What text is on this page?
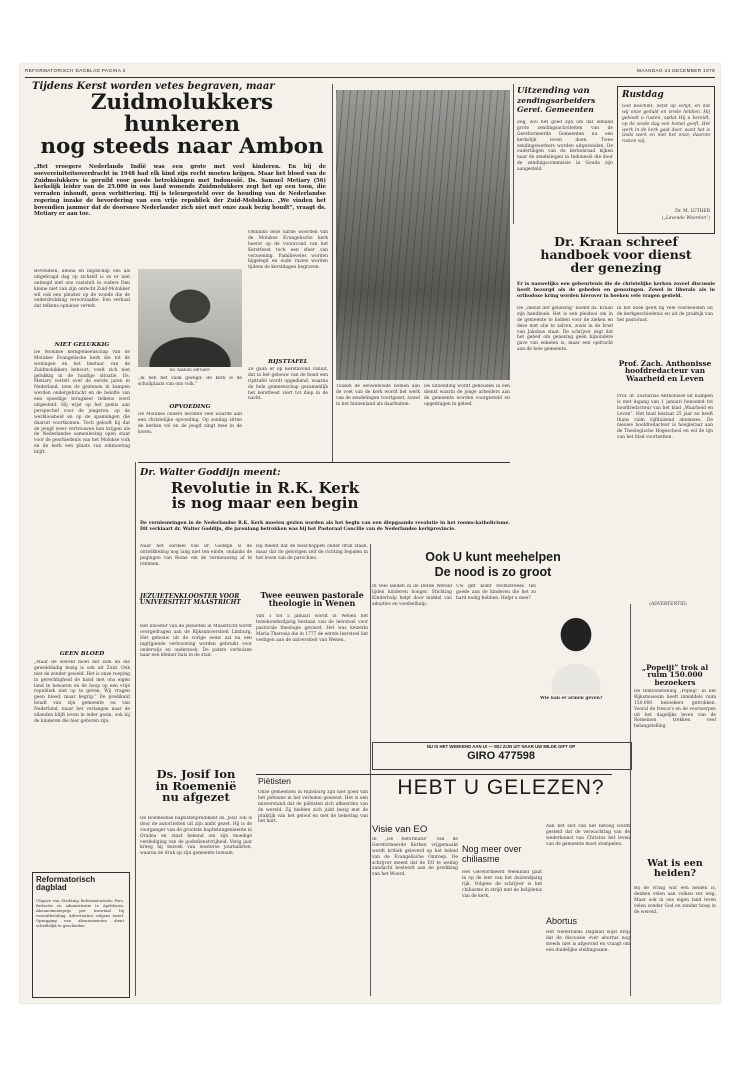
REFORMATORISCH DAGBLAD PAGINA 2	MAANDAG 24 DECEMBER 1979
Tijdens Kerst worden vetes begraven, maar
Zuidmolukkers hunkeren
nog steeds naar Ambon
„Het vroegere Nederlands Indië was een grote met veel kinderen. En bij de soevereiniteitsoverdracht in 1948 had elk kind zijn recht moeten krijgen. Maar het bloed van de Zuidmolukkers is geruild voor goede betrekkingen met Indonesië. Ds. Samuel Metiary (56) kerkelijk leider van de 25.000 in ons land wonende Zuidmolukkers zegt het op een toon, die verraden inhoudt, geen verbittering. Hij is teleurgesteld over de houding van de Nederlandse regering inzake de bevordering van een vrije republiek der Zuid-Molukken. „We vinden het bovendien jammer dat de doorsnee Nederlander zich niet met onze zaak bezig houdt”, vraagt ds. Metiary er aan toe.
Bovendien, kenna en blijdschap ons als uitgebragd dag op zichzelf is zo er niet ontnegd met ons vaststelt in ouders Den kleine niet van zijn onrecht Zuid-Molukker wil ook een pleister op de wonde die de onderdrukking veroorzaakte. Een verhaal dat telkens opnieuw vertelt.
NIET GELUKKIG
De Molukse kerkgemeenschap van de Molukse Evangelische kerk die tot de woningen en het bestuur van de Zuidmolukkers behoort, voelt zich niet gelukkig in de huidige situatie. Ds. Metiary vertelt over de eerste jaren in Nederland, toen de gezinnen in kampen werden ondergebracht en de belofte van een spoedige terugkeer telkens werd uitgesteld. Hij wijst op het gemis aan perspectief voor de jongeren, op de werkloosheid en op de spanningen die daaruit voortkomen. Toch gelooft hij dat de jeugd weer vertrouwen kan krijgen als de Nederlandse samenleving open staat voor de geschiedenis van het Molukse volk en de kerk een plaats van ontmoeting blijft.
GEEN BLOED
„Maar de wereld moet het zien en die gewelddadig bezig is ook uit Zuid. Ook niet de zonder geweld. Het is onze roeping in gerechtigheid de band met ons eigen land te bewaren en de hoop op een vrije republiek niet op te geven. Wij vragen geen bloed, maar begrip.” De predikant houdt van zijn gemeente en van Nederland, maar het verlangen naar de eilanden blijft leven in ieder gezin, ook bij de kinderen die hier geboren zijn.
DS. SAMUEL METIARY
„Ik heb het vaak gezegd: de kerk is de schuilplaats van ons volk.”
OPVOEDING
De Molukse ouders hechten veel waarde aan een christelijke opvoeding. Op zondag zitten de kerken vol en de jeugd zingt mee in de koren.
Ondanks deze harde woorden van de Molukse Evangelische kerk heerst op de vooravond van het Kerstfeest toch een sfeer van verzoening. Familievetes worden bijgelegd en oude ruzies worden tijdens de kerstdagen begraven.
RIJSTTAFEL
Ze gaan er op Kerstavond vanuit, dat in het gebouw van de bond een rijsttafel wordt opgediend, waarna de hele gemeenschap gezamenlijk het kerstfeest viert tot diep in de nacht.
Tussen de eeuwenoude bomen aan de voet van de kerk wordt het werk van de zendelingen voortgezet, zowel in het binnenland als daarbuiten.
De uitzending wordt gehouden in een dienst waarin de jonge arbeiders aan de gemeente worden voorgesteld en opgedragen in gebed.
Uitzending van
zendingsarbeiders Gerei. Gemeenten
Zeg, zou het goed zijn om dat iemand grote zendingsactiviteiten van de Gereformeerde Gemeenten nu een kerkelijk leven doen. Twee zendingswerkers worden uitgezonden. De ouderlingen van de kerkenraad kijken naar de zendelingen in Indonesië die door de zendingscommissie in Gouda zijn aangesteld.
Rustdag
God beschikt, liefst op schijt, en dat wij onze geduld en vrede hebben. Hij gebiedt u rusten, opdat Hij u bereidt, op de zesde dag een hemel geeft. Het werk in de kerk gaat door, want het is Gods werk en niet het onze; daarom rusten wij.
Dr. M. LUTHER
(„Levende Woorden”)
Dr. Kraan schreef
handboek voor dienst
der genezing
Er is nauwelijks een gebeurtenis die de christelijke kerken zoveel discussie heeft bezorgd als de gebeden en genezingen. Zowel in liberale als in orthodoxe kring worden hierover in boeken vele vragen gesteld.
De „dienst der genezing” noemt ds. Kraan zijn handboek. Het is een pleidooi om in de gemeente te bidden voor de zieken en deze met olie te zalven, zoals in de brief van Jakobus staat. De schrijver zegt dat het gebed om genezing geen bijzondere gave van enkelen is, maar een opdracht aan de hele gemeente.
In het boek geeft hij vele voorbeelden uit de kerkgeschiedenis en uit de praktijk van het pastoraat.
Prof. Zach. Anthonisse hoofdredacteur van Waarheid en Leven
Prof. dr. Zacharias Anthonisse uit Kampen is met ingang van 1 januari benoemd tot hoofdredacteur van het blad „Waarheid en Leven”. Het blad bestaat 25 jaar en heeft thans ruim vijfduizend abonnees. De nieuwe hoofdredacteur is hoogleraar aan de Theologische Hogeschool en wil de lijn van het blad voortzetten.
Dr. Walter Goddijn meent:
Revolutie in R.K. Kerk
is nog maar een begin
De vernieuwingen in de Nederlandse R.K. Kerk moeten gezien worden als het begin van een diepgaande revolutie in het rooms-katholicisme. Dit verklaart dr. Walter Goddijn, die jarenlang betrokken was bij het Pastoraal Concilie van de Nederlandse kerkprovincie.
Naar het oordeel van dr. Goddijn is de ontwikkeling nog lang niet ten einde, ondanks de pogingen van Rome om de vernieuwing af te remmen.
Hij meent dat de bisschoppen onder druk staan, maar dat de gelovigen zelf de richting bepalen in het leven van de parochies.
JEZUIETENKLOOSTER VOOR UNIVERSITEIT MAASTRICHT
Het klooster van de jezuïeten in Maastricht wordt overgedragen aan de Rijksuniversiteit Limburg. Het gebouw uit de vorige eeuw zal na een ingrijpende verbouwing worden gebruikt voor onderwijs en onderzoek. De paters verhuizen naar een kleiner huis in de stad.
Twee eeuwen pastorale theologie in Wenen
Van 1 tot 5 januari wordt in Wenen het tweehonderdjarig bestaan van de leerstoel voor pastorale theologie gevierd. Het was keizerin Maria Theresia die in 1777 de eerste leerstoel liet vestigen aan de universiteit van Wenen.
Ds. Josif Ion
in Roemenië
nu afgezet
De Roemeense baptistenpredikant ds. Josif Ton is door de autoriteiten uit zijn ambt gezet. Hij is de voorganger van de grootste baptistengemeente in Oradea en staat bekend om zijn moedige verdediging van de godsdienstvrijheid. Vorig jaar kreeg hij bezoek van westerse journalisten, waarna de druk op zijn gemeente toenam.
Ook U kunt meehelpen
De nood is zo groot
In vele landen in de Derde Wereld lijden kinderen honger. Stichting Kinderhulp helpt door middel van adopties en voedselhulp.
Uw gift komt rechtstreeks ten goede aan de kinderen die het zo hard nodig hebben. Helpt u mee?
(ADVERTENTIE)
Wie kan er armen geven?
NU IS HET WEEKEND AAN U! — WIJ ZIJN UIT NAAR UW MILDE GIFT OP
GIRO 477598
„Popeiji” trok al ruim 150.000 bezoekers
De tentoonstelling „Popeiji” in het Rijksmuseum heeft inmiddels ruim 150.000 bezoekers getrokken. Vooral de fresco's en de voorwerpen uit het dagelijks leven van de Romeinen trekken veel belangstelling.
Wat is een
heiden?
Bij de vraag wat een heiden is, denken velen aan volken ver weg. Maar ook in ons eigen land leven velen zonder God en zonder hoop in de wereld.
Reformatorisch
dagblad
Uitgave van Stichting Reformatorische Pers. Redactie en administratie te Apeldoorn. Abonnementsprijs per kwartaal bij vooruitbetaling. Advertenties volgens tarief. Opzegging van abonnementen dient schriftelijk te geschieden.
Piëtisten
Onze gemeenten in Rijnsburg zijn niet goed van het piëtisme in het verleden geweest. Het is een misverstand dat de piëtisten zich afkeerden van de wereld. Zij hielden zich juist bezig met de praktijk van het geloof en met de bekering van het hart.
HEBT U GELEZEN?
Visie van EO
In „De Reformatie” van de Gereformeerde Kerken vrijgemaakt wordt kritiek geleverd op het beleid van de Evangelische Omroep. De schrijver meent dat de EO te weinig aandacht besteedt aan de prediking van het Woord.
Nog meer over
chiliasme
Het Gereformeerd Weekblad gaat in op de leer van het duizendjarig rijk. Volgens de schrijver is het chiliasme in strijd met de belijdenis van de kerk.
Aan het slot van het betoog wordt gesteld dat de verwachting van de wederkomst van Christus het leven van de gemeente moet stempelen.
Abortus
Het Nederlands Dagblad wijst erop dat de discussie over abortus nog steeds niet is afgerond en vraagt om een duidelijke stellingname.
